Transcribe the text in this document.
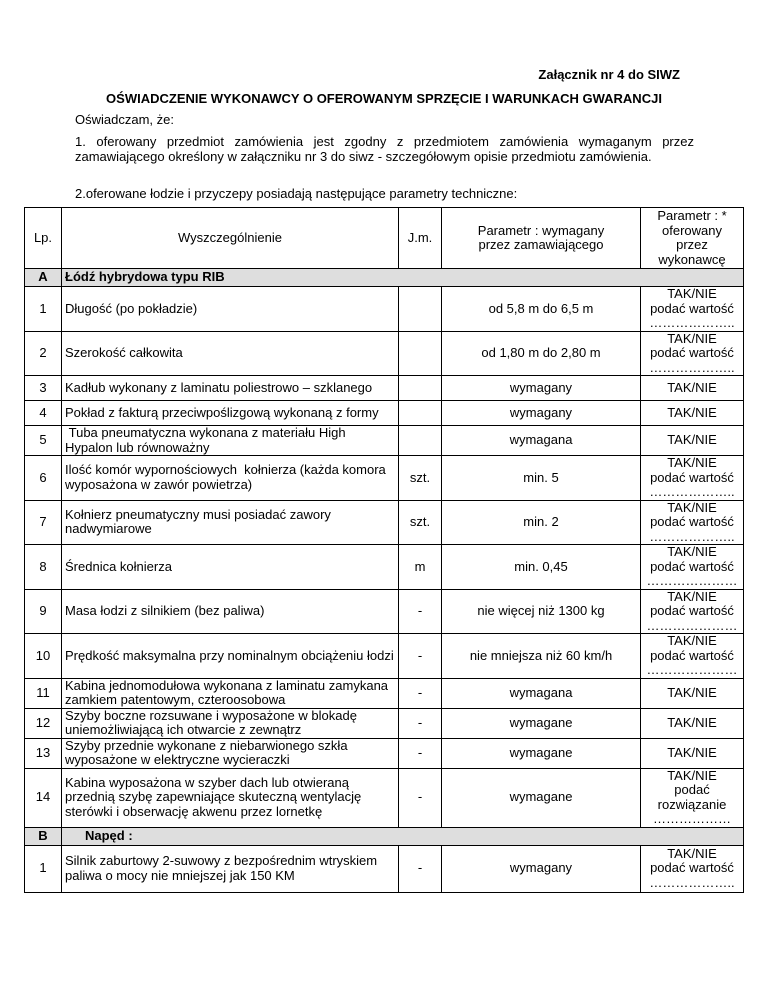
Załącznik nr 4 do SIWZ
OŚWIADCZENIE WYKONAWCY O OFEROWANYM SPRZĘCIE I WARUNKACH GWARANCJI
Oświadczam, że:
1. oferowany przedmiot zamówienia jest zgodny z przedmiotem zamówienia wymaganym przez zamawiającego określony w załączniku nr 3 do siwz - szczegółowym opisie przedmiotu zamówienia.
2.oferowane łodzie i przyczepy posiadają następujące parametry techniczne:
Lp.	Wyszczególnienie	J.m.	Parametr : wymagany przez zamawiającego	Parametr : * oferowany przez wykonawcę
A	Łódź hybrydowa typu RIB			
1	Długość (po pokładzie)		od 5,8 m do 6,5 m	TAK/NIE
podać wartość
………………..

2	Szerokość całkowita		od 1,80 m do 2,80 m	TAK/NIE
podać wartość
………………..

3	Kadłub wykonany z laminatu poliestrowo – szklanego		wymagany	TAK/NIE

4	Pokład z fakturą przeciwpoślizgową wykonaną z formy		wymagany	TAK/NIE

5	Tuba pneumatyczna wykonana z materiału High  Hypalon lub równoważny		wymagana	TAK/NIE

6	Ilość komór wypornościowych  kołnierza (każda komora wyposażona w zawór powietrza)	szt.	min. 5	TAK/NIE
podać wartość
………………..

7	Kołnierz pneumatyczny musi posiadać zawory nadwymiarowe	szt.	min. 2	TAK/NIE
podać wartość
………………..

8	Średnica kołnierza	m	min. 0,45	TAK/NIE
podać wartość
…………………

9	Masa łodzi z silnikiem (bez paliwa)	-	nie więcej niż 1300 kg	TAK/NIE
podać wartość
…………………

10	Prędkość maksymalna przy nominalnym obciążeniu łodzi	-	nie mniejsza niż 60 km/h	TAK/NIE
podać wartość
…………………

11	Kabina jednomodułowa wykonana z laminatu zamykana zamkiem patentowym, czteroosobowa	-	wymagana	TAK/NIE

12	Szyby boczne rozsuwane i wyposażone w blokadę uniemożliwiającą ich otwarcie z zewnątrz	-	wymagane	TAK/NIE

13	Szyby przednie wykonane z niebarwionego szkła wyposażone w elektryczne wycieraczki	-	wymagane	TAK/NIE

14	Kabina wyposażona w szyber dach lub otwieraną przednią szybę zapewniające skuteczną wentylację sterówki i obserwację akwenu przez lornetkę	-	wymagane	TAK/NIE
podać
rozwiązanie
………………

B	Napęd :			
1	Silnik zaburtowy 2-suwowy z bezpośrednim wtryskiem paliwa o mocy nie mniejszej jak 150 KM	-	wymagany	TAK/NIE
podać wartość
………………..
